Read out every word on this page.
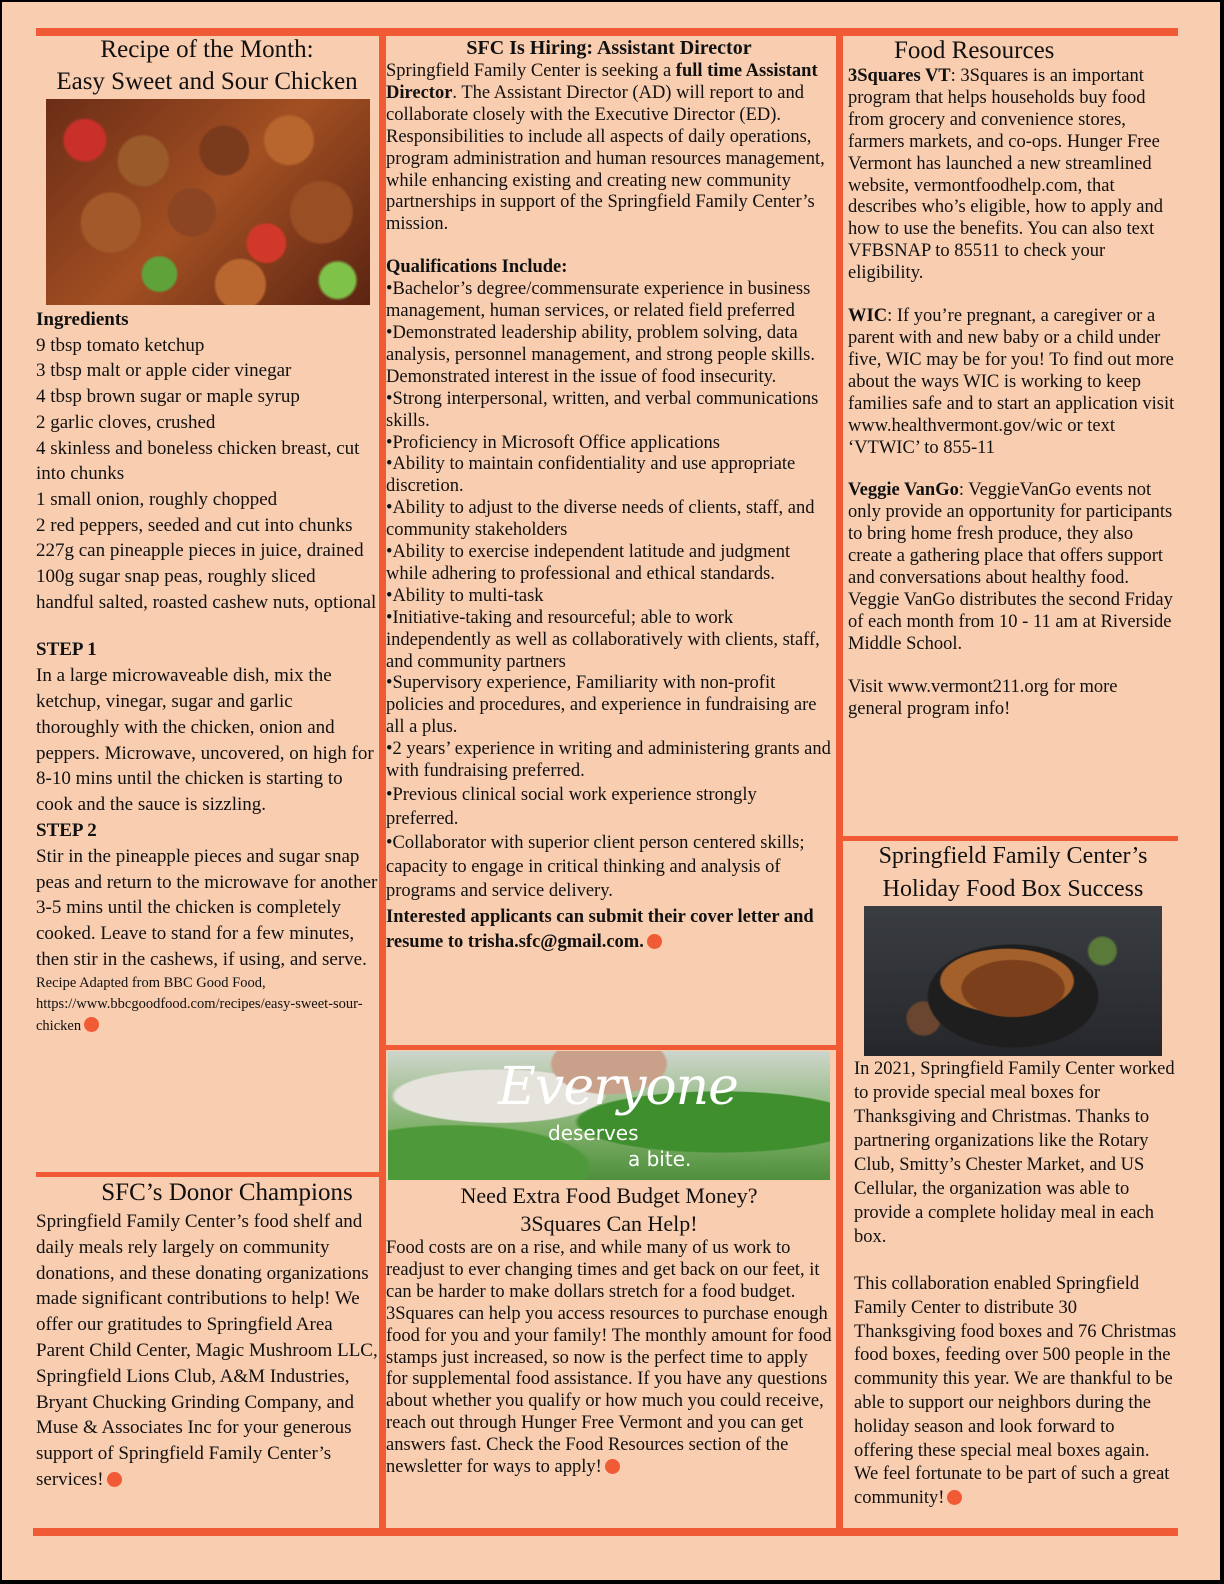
Recipe of the Month:
Easy Sweet and Sour Chicken
Ingredients
9 tbsp tomato ketchup
3 tbsp malt or apple cider vinegar
4 tbsp brown sugar or maple syrup
2 garlic cloves, crushed
4 skinless and boneless chicken breast, cut into chunks
1 small onion, roughly chopped
2 red peppers, seeded and cut into chunks
227g can pineapple pieces in juice, drained
100g sugar snap peas, roughly sliced
handful salted, roasted cashew nuts, optional
STEP 1

In a large microwaveable dish, mix the ketchup, vinegar, sugar and garlic thoroughly with the chicken, onion and peppers. Microwave, uncovered, on high for 8-10 mins until the chicken is starting to cook and the sauce is sizzling.

STEP 2

Stir in the pineapple pieces and sugar snap peas and return to the microwave for another 3-5 mins until the chicken is completely cooked. Leave to stand for a few minutes, then stir in the cashews, if using, and serve.

Recipe Adapted from BBC Good Food, https://www.bbcgoodfood.com/recipes/easy-sweet-sour-chicken

SFC’s Donor Champions

Springfield Family Center’s food shelf and daily meals rely largely on community donations, and these donating organizations made significant contributions to help! We offer our gratitudes to Springfield Area Parent Child Center, Magic Mushroom LLC, Springfield Lions Club, A&M Industries, Bryant Chucking Grinding Company, and Muse & Associates Inc for your generous support of Springfield Family Center’s services!

SFC Is Hiring: Assistant Director

Springfield Family Center is seeking a full time Assistant Director. The Assistant Director (AD) will report to and collaborate closely with the Executive Director (ED). Responsibilities to include all aspects of daily operations, program administration and human resources management, while enhancing existing and creating new community partnerships in support of the Springfield Family Center’s mission.

Qualifications Include:

•Bachelor’s degree/commensurate experience in business management, human services, or related field preferred

•Demonstrated leadership ability, problem solving, data analysis, personnel management, and strong people skills. Demonstrated interest in the issue of food insecurity.

•Strong interpersonal, written, and verbal communications skills.

•Proficiency in Microsoft Office applications

•Ability to maintain confidentiality and use appropriate discretion.

•Ability to adjust to the diverse needs of clients, staff, and community stakeholders

•Ability to exercise independent latitude and judgment while adhering to professional and ethical standards.

•Ability to multi-task

•Initiative-taking and resourceful; able to work independently as well as collaboratively with clients, staff, and community partners

•Supervisory experience, Familiarity with non-profit policies and procedures, and experience in fundraising are all a plus.

•2 years’ experience in writing and administering grants and with fundraising preferred.

•Previous clinical social work experience strongly preferred.

•Collaborator with superior client person centered skills; capacity to engage in critical thinking and analysis of programs and service delivery.

Interested applicants can submit their cover letter and resume to trisha.sfc@gmail.com.

Everyone
deserves
a bite.
Need Extra Food Budget Money?
3Squares Can Help!

Food costs are on a rise, and while many of us work to readjust to ever changing times and get back on our feet, it can be harder to make dollars stretch for a food budget. 3Squares can help you access resources to purchase enough food for you and your family! The monthly amount for food stamps just increased, so now is the perfect time to apply for supplemental food assistance. If you have any questions about whether you qualify or how much you could receive, reach out through Hunger Free Vermont and you can get answers fast. Check the Food Resources section of the newsletter for ways to apply!

Food Resources

3Squares VT: 3Squares is an important program that helps households buy food from grocery and convenience stores, farmers markets, and co-ops. Hunger Free Vermont has launched a new streamlined website, vermontfoodhelp.com, that describes who’s eligible, how to apply and how to use the benefits. You can also text VFBSNAP to 85511 to check your eligibility.

WIC: If you’re pregnant, a caregiver or a parent with and new baby or a child under five, WIC may be for you! To find out more about the ways WIC is working to keep families safe and to start an application visit www.healthvermont.gov/wic or text ‘VTWIC’ to 855-11

Veggie VanGo: VeggieVanGo events not only provide an opportunity for participants to bring home fresh produce, they also create a gathering place that offers support and conversations about healthy food. Veggie VanGo distributes the second Friday of each month from 10 - 11 am at Riverside Middle School.

Visit www.vermont211.org for more general program info!

Springfield Family Center’s
Holiday Food Box Success

In 2021, Springfield Family Center worked to provide special meal boxes for Thanksgiving and Christmas. Thanks to partnering organizations like the Rotary Club, Smitty’s Chester Market, and US Cellular, the organization was able to provide a complete holiday meal in each box.

This collaboration enabled Springfield Family Center to distribute 30 Thanksgiving food boxes and 76 Christmas food boxes, feeding over 500 people in the community this year. We are thankful to be able to support our neighbors during the holiday season and look forward to offering these special meal boxes again. We feel fortunate to be part of such a great community!
